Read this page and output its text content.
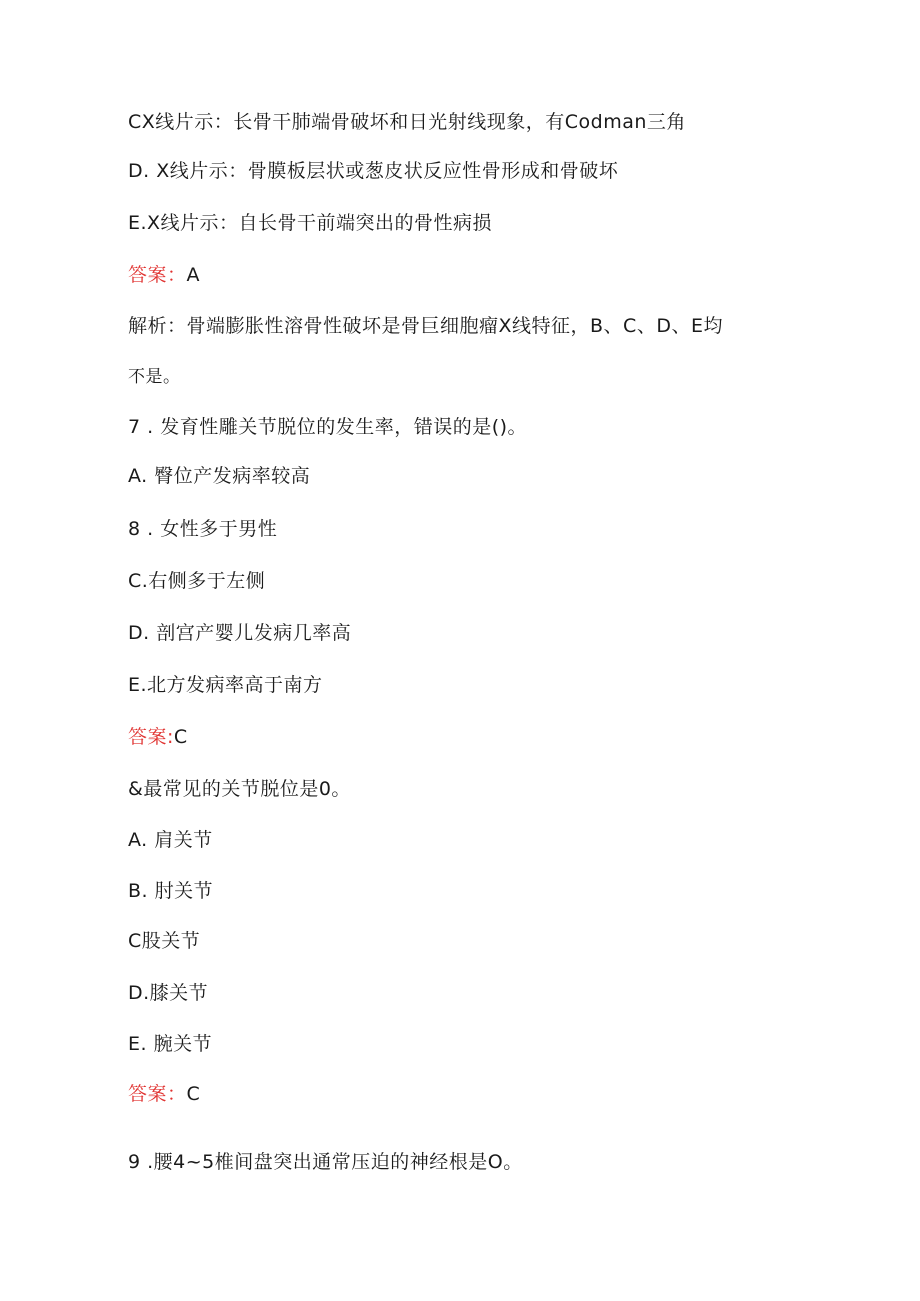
CX线片示：长骨干肺端骨破坏和日光射线现象，有Codman三角
D. X线片示：骨膜板层状或葱皮状反应性骨形成和骨破坏
E.X线片示：自长骨干前端突出的骨性病损
答案：A
解析：骨端膨胀性溶骨性破坏是骨巨细胞瘤X线特征，B、C、D、E均
不是。
7 . 发育性雕关节脱位的发生率，错误的是()。
A. 臀位产发病率较高
8 . 女性多于男性
C.右侧多于左侧
D. 剖宫产婴儿发病几率高
E.北方发病率高于南方
答案:C
&最常见的关节脱位是0。
A. 肩关节
B. 肘关节
C股关节
D.膝关节
E. 腕关节
答案：C
9 .腰4~5椎间盘突出通常压迫的神经根是O。
